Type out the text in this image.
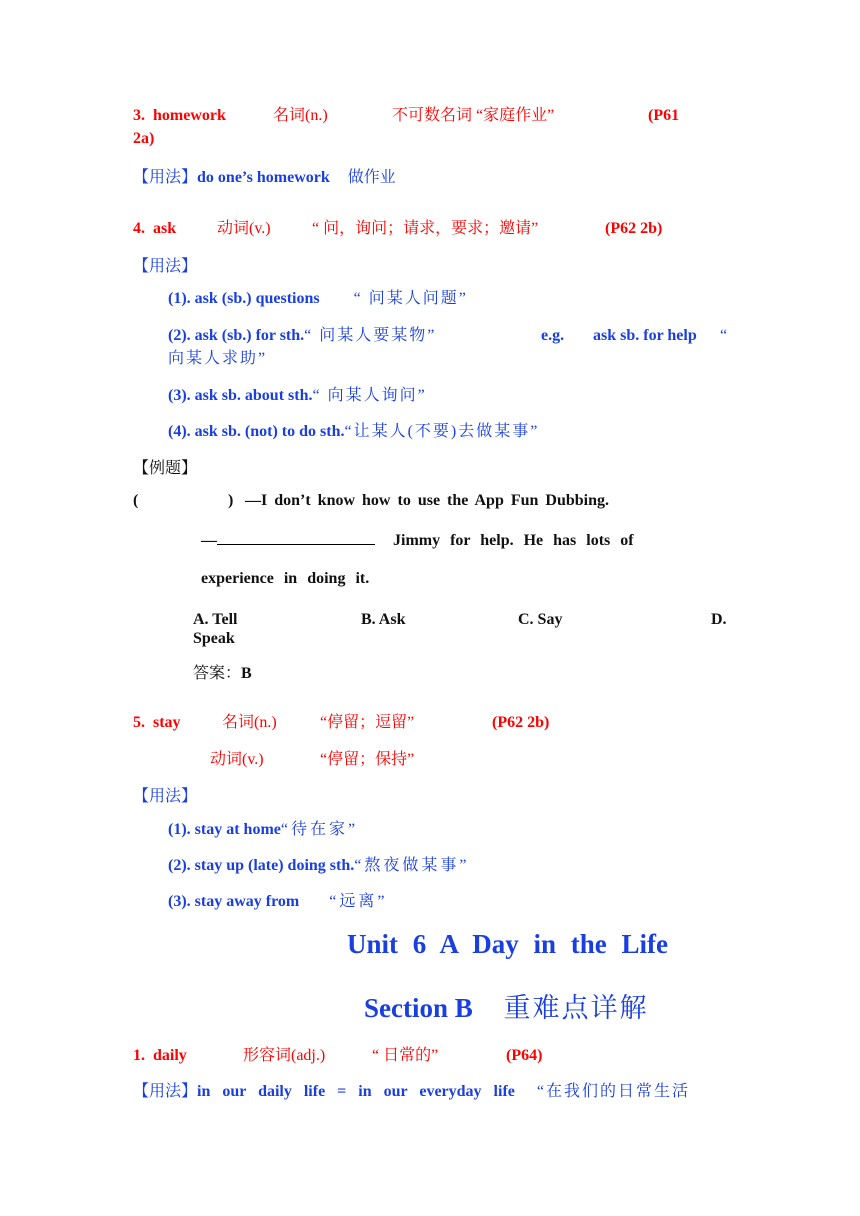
3. homework	名词(n.)	不可数名词 “家庭作业”	(P61
2a)
【用法】do one’s homework 做作业
4. ask	动词(v.)	“ 问，询问；请求，要求；邀请”	(P62 2b)
【用法】
(1). ask (sb.) questions “ 问某人问题”
(2). ask (sb.) for sth.“ 问某人要某物”	e.g. ask sb. for help “
向某人求助”
(3). ask sb. about sth.“ 向某人询问”
(4). ask sb. (not) to do sth.“让某人(不要)去做某事”
【例题】
(	) —I don’t know how to use the App Fun Dubbing.
—	Jimmy for help. He has lots of
experience in doing it.
A. Tell	B. Ask	C. Say	D.
Speak
答案：B
5. stay	名词(n.)	“停留；逗留”	(P62 2b)
动词(v.)	“停留；保持”
【用法】
(1). stay at home“待在家”
(2). stay up (late) doing sth.“熬夜做某事”
(3). stay away from “远离”
Unit 6 A Day in the Life
Section B 重难点详解
1. daily	形容词(adj.)	“ 日常的”	(P64)
【用法】in our daily life = in our everyday life “在我们的日常生活
